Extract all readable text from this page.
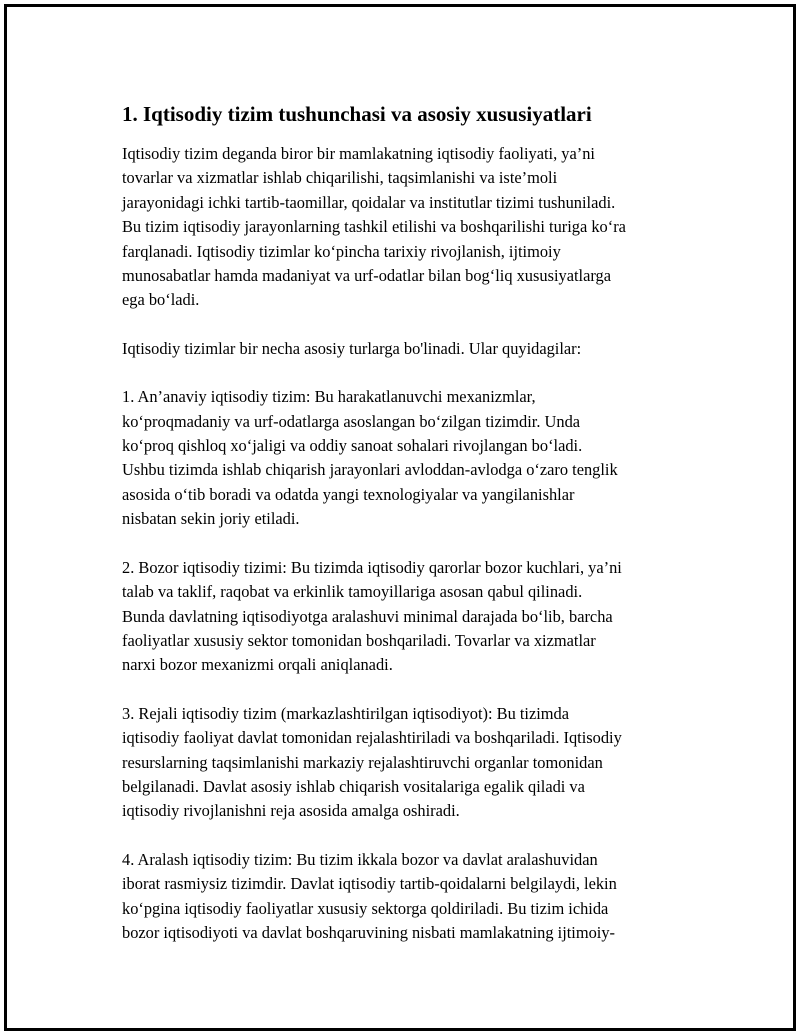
1. Iqtisodiy tizim tushunchasi va asosiy xususiyatlari

Iqtisodiy tizim deganda biror bir mamlakatning iqtisodiy faoliyati, ya’ni
tovarlar va xizmatlar ishlab chiqarilishi, taqsimlanishi va iste’moli
jarayonidagi ichki tartib-taomillar, qoidalar va institutlar tizimi tushuniladi.
Bu tizim iqtisodiy jarayonlarning tashkil etilishi va boshqarilishi turiga ko‘ra
farqlanadi. Iqtisodiy tizimlar ko‘pincha tarixiy rivojlanish, ijtimoiy
munosabatlar hamda madaniyat va urf-odatlar bilan bog‘liq xususiyatlarga
ega bo‘ladi.

Iqtisodiy tizimlar bir necha asosiy turlarga bo'linadi. Ular quyidagilar:

1. An’anaviy iqtisodiy tizim: Bu harakatlanuvchi mexanizmlar,
ko‘proqmadaniy va urf-odatlarga asoslangan bo‘zilgan tizimdir. Unda
ko‘proq qishloq xo‘jaligi va oddiy sanoat sohalari rivojlangan bo‘ladi.
Ushbu tizimda ishlab chiqarish jarayonlari avloddan-avlodga o‘zaro tenglik
asosida o‘tib boradi va odatda yangi texnologiyalar va yangilanishlar
nisbatan sekin joriy etiladi.

2. Bozor iqtisodiy tizimi: Bu tizimda iqtisodiy qarorlar bozor kuchlari, ya’ni
talab va taklif, raqobat va erkinlik tamoyillariga asosan qabul qilinadi.
Bunda davlatning iqtisodiyotga aralashuvi minimal darajada bo‘lib, barcha
faoliyatlar xususiy sektor tomonidan boshqariladi. Tovarlar va xizmatlar
narxi bozor mexanizmi orqali aniqlanadi.

3. Rejali iqtisodiy tizim (markazlashtirilgan iqtisodiyot): Bu tizimda
iqtisodiy faoliyat davlat tomonidan rejalashtiriladi va boshqariladi. Iqtisodiy
resurslarning taqsimlanishi markaziy rejalashtiruvchi organlar tomonidan
belgilanadi. Davlat asosiy ishlab chiqarish vositalariga egalik qiladi va
iqtisodiy rivojlanishni reja asosida amalga oshiradi.

4. Aralash iqtisodiy tizim: Bu tizim ikkala bozor va davlat aralashuvidan
iborat rasmiysiz tizimdir. Davlat iqtisodiy tartib-qoidalarni belgilaydi, lekin
ko‘pgina iqtisodiy faoliyatlar xususiy sektorga qoldiriladi. Bu tizim ichida
bozor iqtisodiyoti va davlat boshqaruvining nisbati mamlakatning ijtimoiy-
